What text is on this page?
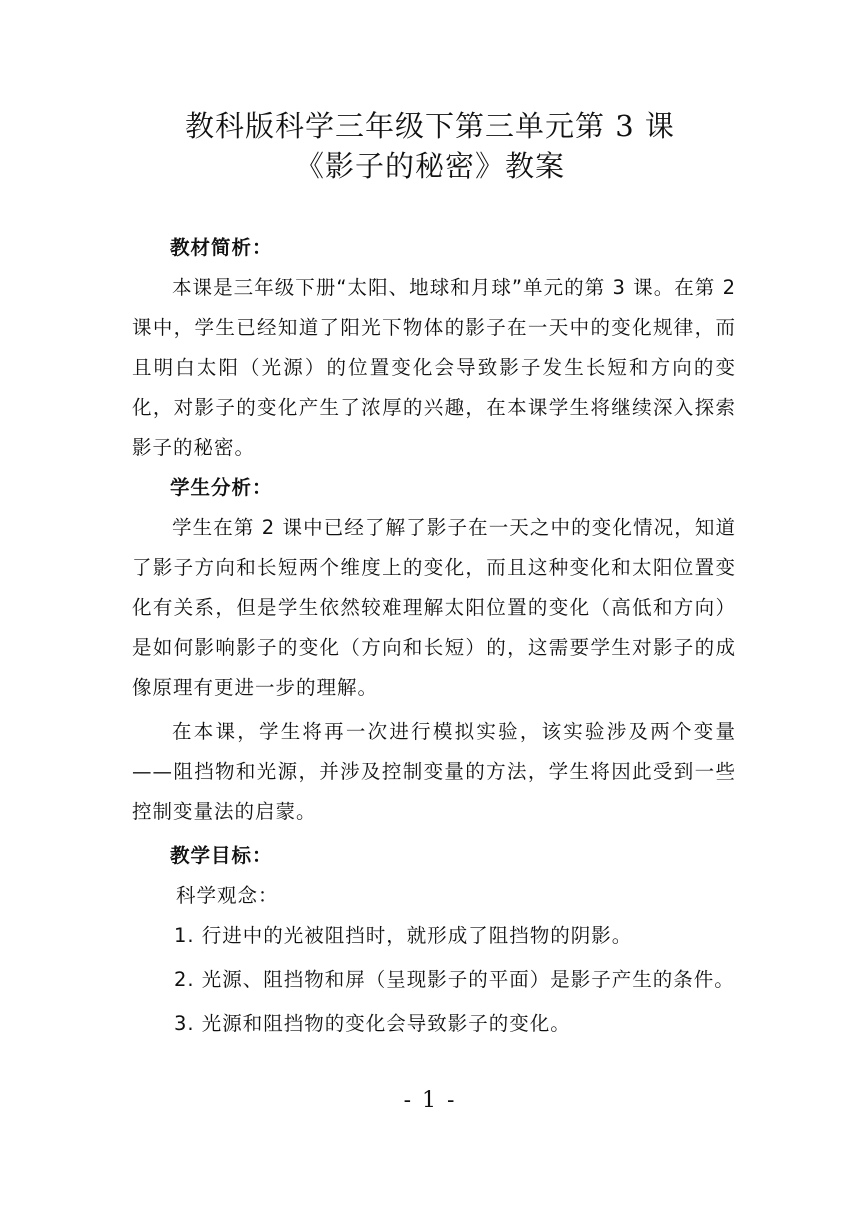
教科版科学三年级下第三单元第 3 课
《影子的秘密》教案

教材简析：

本课是三年级下册“太阳、地球和月球”单元的第 3 课。在第 2 课中，学生已经知道了阳光下物体的影子在一天中的变化规律，而且明白太阳（光源）的位置变化会导致影子发生长短和方向的变化，对影子的变化产生了浓厚的兴趣，在本课学生将继续深入探索影子的秘密。

学生分析：

学生在第 2 课中已经了解了影子在一天之中的变化情况，知道了影子方向和长短两个维度上的变化，而且这种变化和太阳位置变化有关系，但是学生依然较难理解太阳位置的变化（高低和方向）是如何影响影子的变化（方向和长短）的，这需要学生对影子的成像原理有更进一步的理解。

在本课，学生将再一次进行模拟实验，该实验涉及两个变量——阻挡物和光源，并涉及控制变量的方法，学生将因此受到一些控制变量法的启蒙。

教学目标：

科学观念：

1. 行进中的光被阻挡时，就形成了阻挡物的阴影。

2. 光源、阻挡物和屏（呈现影子的平面）是影子产生的条件。

3. 光源和阻挡物的变化会导致影子的变化。

- 1 -
